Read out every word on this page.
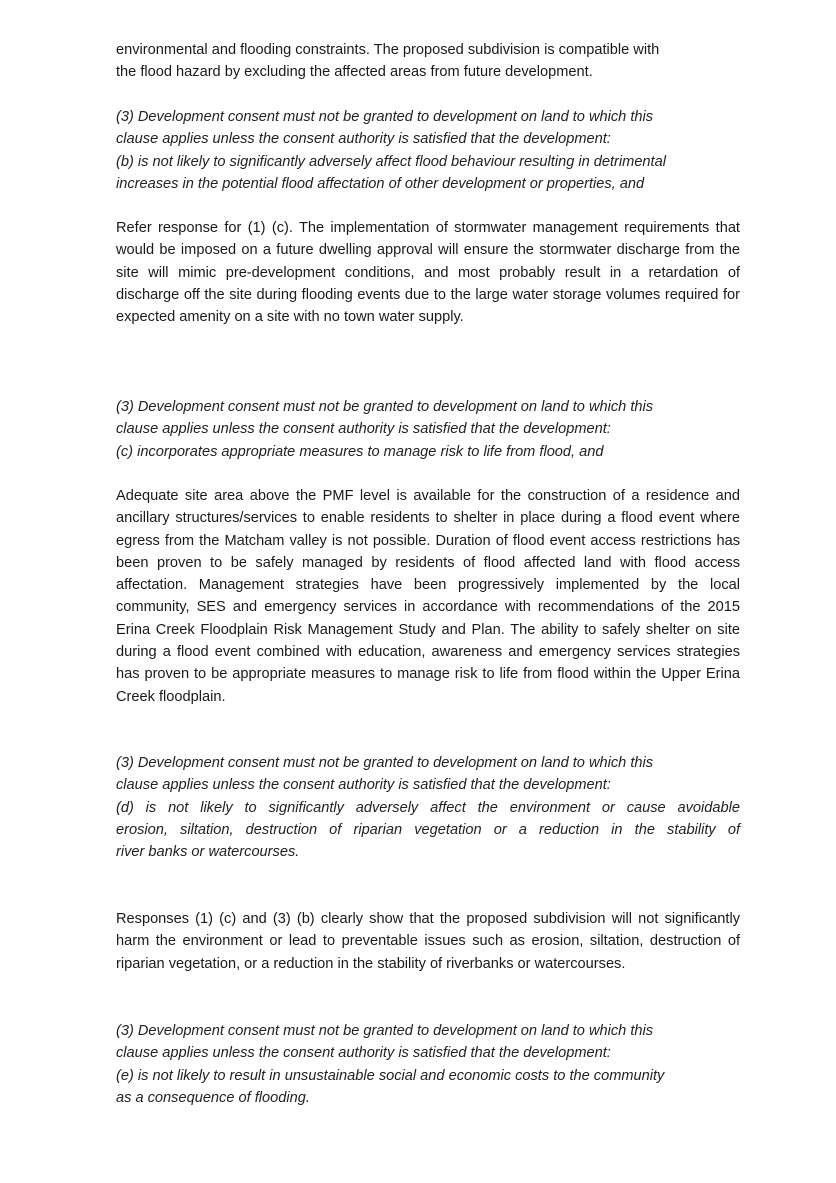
environmental and flooding constraints. The proposed subdivision is compatible with
the flood hazard by excluding the affected areas from future development.
(3) Development consent must not be granted to development on land to which this
clause applies unless the consent authority is satisfied that the development:
(b) is not likely to significantly adversely affect flood behaviour resulting in detrimental
increases in the potential flood affectation of other development or properties, and

Refer response for (1) (c). The implementation of stormwater management requirements that would be imposed on a future dwelling approval will ensure the stormwater discharge from the site will mimic pre-development conditions, and most probably result in a retardation of discharge off the site during flooding events due to the large water storage volumes required for expected amenity on a site with no town water supply.

(3) Development consent must not be granted to development on land to which this
clause applies unless the consent authority is satisfied that the development:
(c) incorporates appropriate measures to manage risk to life from flood, and

Adequate site area above the PMF level is available for the construction of a residence and ancillary structures/services to enable residents to shelter in place during a flood event where egress from the Matcham valley is not possible. Duration of flood event access restrictions has been proven to be safely managed by residents of flood affected land with flood access affectation. Management strategies have been progressively implemented by the local community, SES and emergency services in accordance with recommendations of the 2015 Erina Creek Floodplain Risk Management Study and Plan. The ability to safely shelter on site during a flood event combined with education, awareness and emergency services strategies has proven to be appropriate measures to manage risk to life from flood within the Upper Erina Creek floodplain.

(3) Development consent must not be granted to development on land to which this
clause applies unless the consent authority is satisfied that the development:
(d) is not likely to significantly adversely affect the environment or cause avoidable
erosion, siltation, destruction of riparian vegetation or a reduction in the stability of
river banks or watercourses.

Responses (1) (c) and (3) (b) clearly show that the proposed subdivision will not significantly harm the environment or lead to preventable issues such as erosion, siltation, destruction of riparian vegetation, or a reduction in the stability of riverbanks or watercourses.

(3) Development consent must not be granted to development on land to which this
clause applies unless the consent authority is satisfied that the development:
(e) is not likely to result in unsustainable social and economic costs to the community
as a consequence of flooding.
